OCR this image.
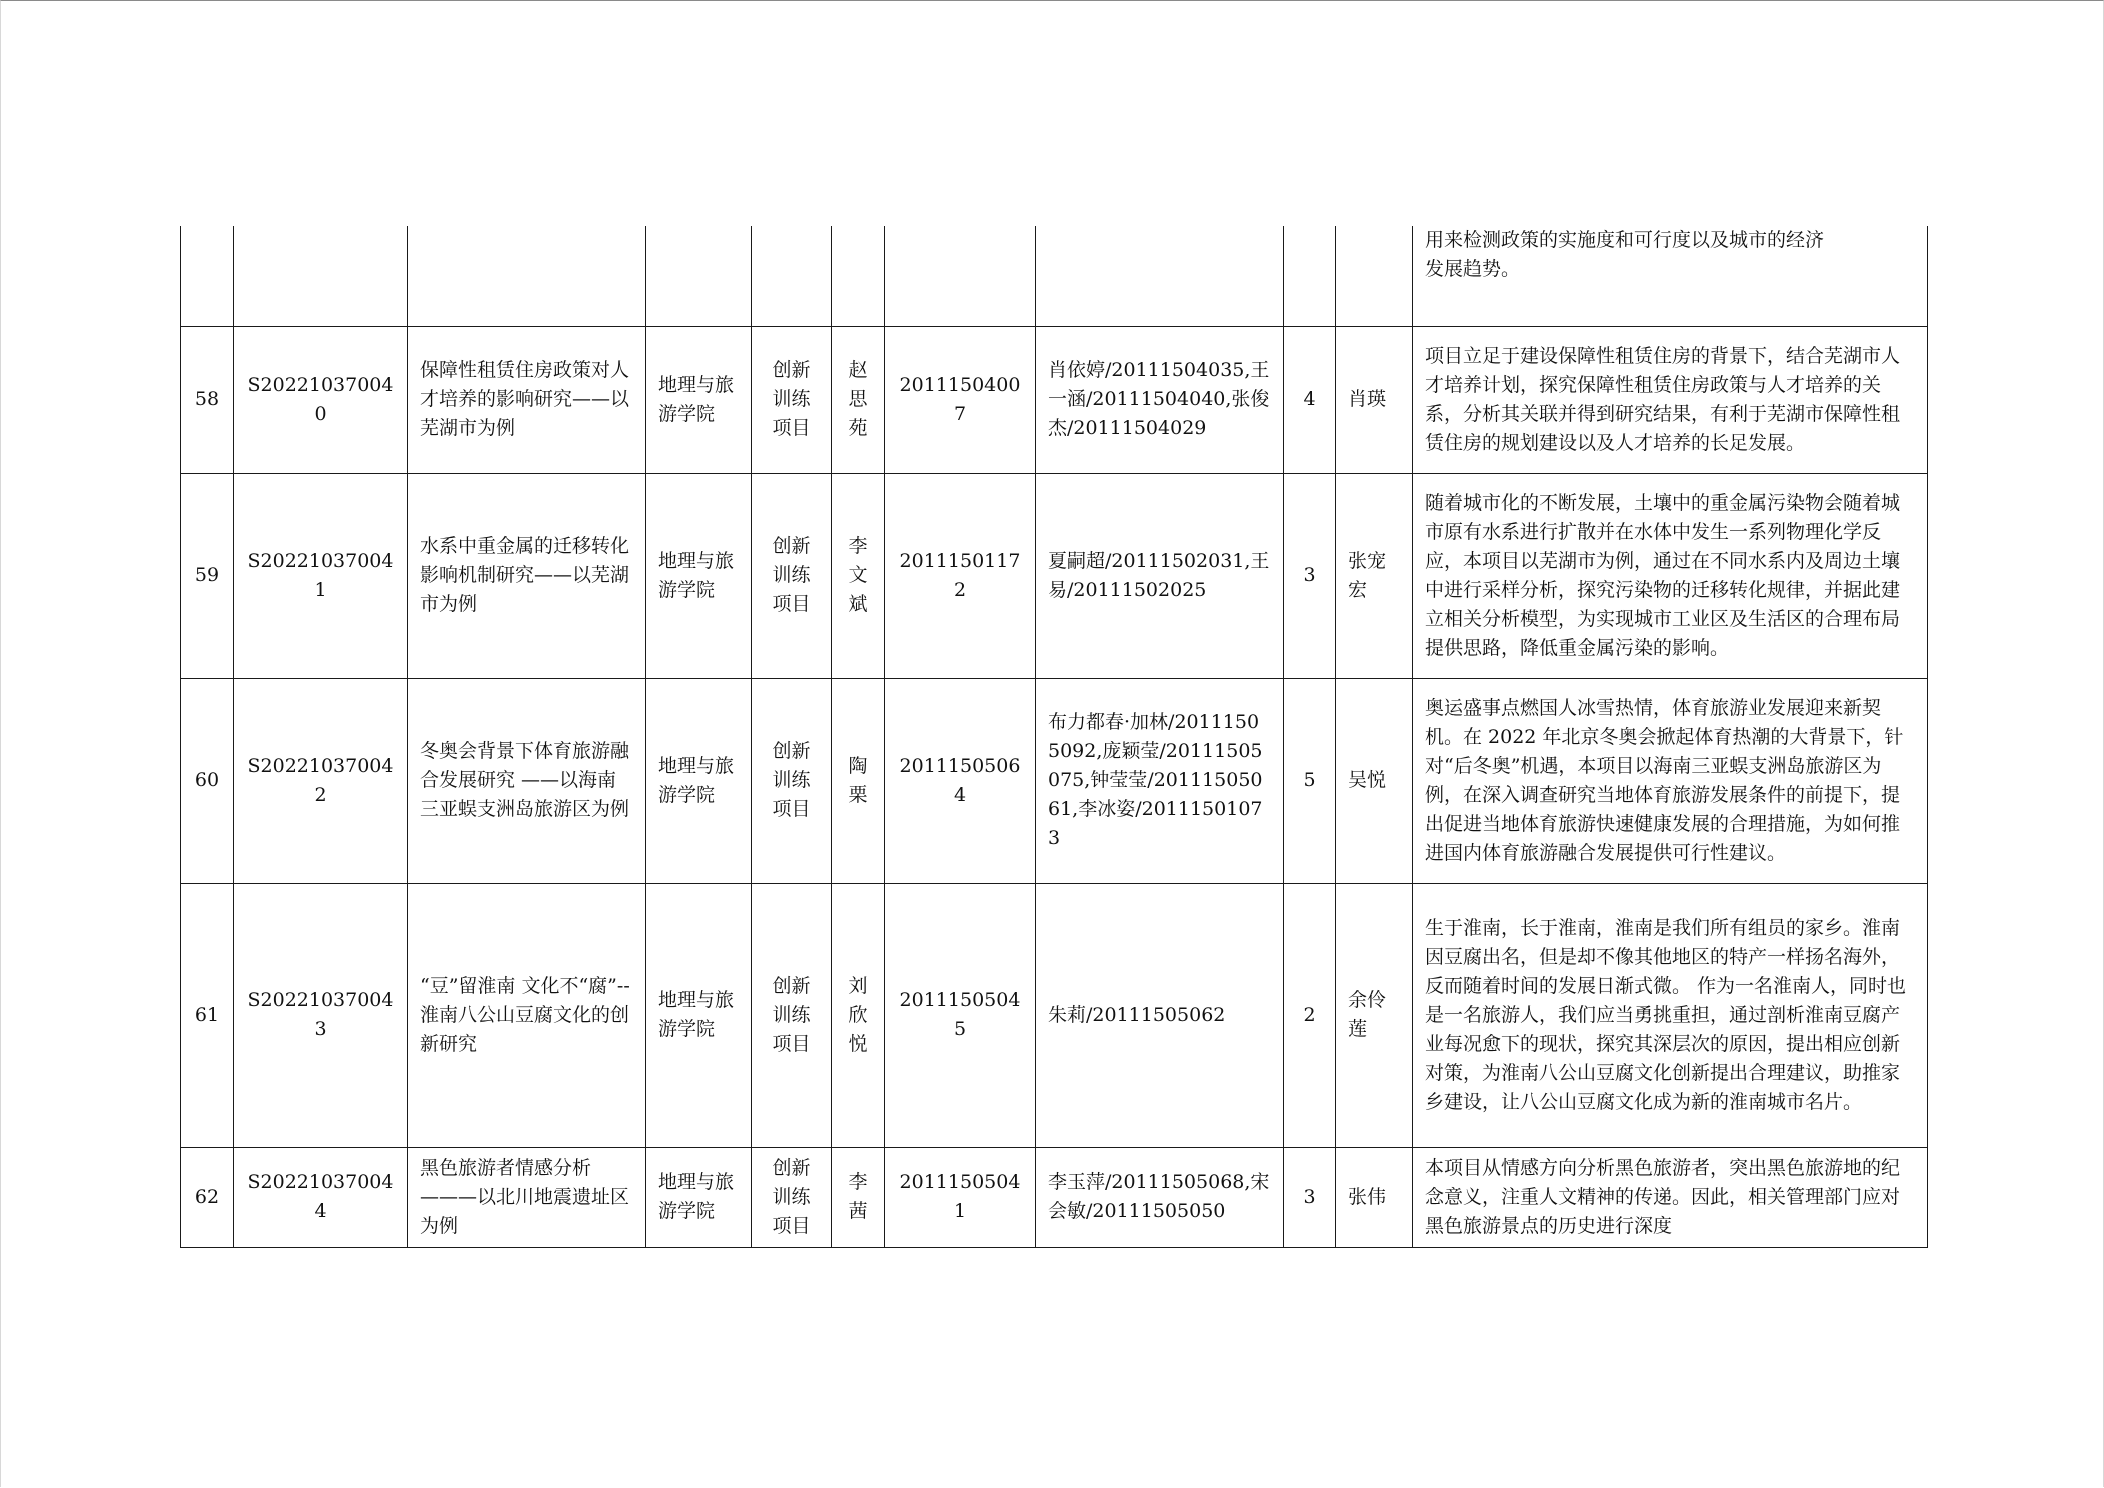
										用来检测政策的实施度和可行度以及城市的经济
发展趋势。

58	S202210370040	保障性租赁住房政策对人才培养的影响研究——以芜湖市为例	地理与旅游学院	创新训练项目	赵思苑	20111504007	肖依婷/20111504035,王一涵/20111504040,张俊杰/20111504029	4	肖瑛	项目立足于建设保障性租赁住房的背景下，结合芜湖市人才培养计划，探究保障性租赁住房政策与人才培养的关系，分析其关联并得到研究结果，有利于芜湖市保障性租赁住房的规划建设以及人才培养的长足发展。
59	S202210370041	水系中重金属的迁移转化影响机制研究——以芜湖市为例	地理与旅游学院	创新训练项目	李文斌	20111501172	夏嗣超/20111502031,王易/20111502025	3	张宠宏	随着城市化的不断发展，土壤中的重金属污染物会随着城市原有水系进行扩散并在水体中发生一系列物理化学反应，本项目以芜湖市为例，通过在不同水系内及周边土壤中进行采样分析，探究污染物的迁移转化规律，并据此建立相关分析模型，为实现城市工业区及生活区的合理布局提供思路，降低重金属污染的影响。
60	S202210370042	冬奥会背景下体育旅游融合发展研究 ——以海南三亚蜈支洲岛旅游区为例	地理与旅游学院	创新训练项目	陶栗	20111505064	布力都春·加林/20111505092,庞颖莹/20111505075,钟莹莹/20111505061,李冰姿/20111501073	5	吴悦	奥运盛事点燃国人冰雪热情，体育旅游业发展迎来新契机。在 2022 年北京冬奥会掀起体育热潮的大背景下，针对“后冬奥”机遇，本项目以海南三亚蜈支洲岛旅游区为例，在深入调查研究当地体育旅游发展条件的前提下，提出促进当地体育旅游快速健康发展的合理措施，为如何推进国内体育旅游融合发展提供可行性建议。
61	S202210370043	“豆”留淮南 文化不“腐”--淮南八公山豆腐文化的创新研究	地理与旅游学院	创新训练项目	刘欣悦	20111505045	朱莉/20111505062	2	余伶莲	生于淮南，长于淮南，淮南是我们所有组员的家乡。淮南因豆腐出名，但是却不像其他地区的特产一样扬名海外， 反而随着时间的发展日渐式微。 作为一名淮南人，同时也是一名旅游人，我们应当勇挑重担，通过剖析淮南豆腐产业每况愈下的现状，探究其深层次的原因，提出相应创新对策，为淮南八公山豆腐文化创新提出合理建议，助推家乡建设，让八公山豆腐文化成为新的淮南城市名片。
62	S202210370044	黑色旅游者情感分析———以北川地震遗址区为例	地理与旅游学院	创新训练项目	李茜	20111505041	李玉萍/20111505068,宋会敏/20111505050	3	张伟	本项目从情感方向分析黑色旅游者，突出黑色旅游地的纪念意义，注重人文精神的传递。因此，相关管理部门应对黑色旅游景点的历史进行深度
